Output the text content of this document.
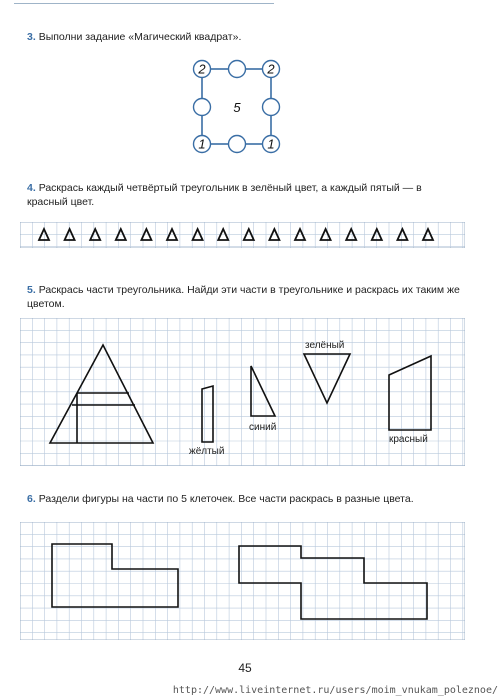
3. Выполни задание «Магический квадрат».
2	2
1	1
5
4. Раскрась каждый четвёртый треугольник в зелёный цвет, а каждый пятый — в
красный цвет.
5. Раскрась части треугольника. Найди эти части в треугольнике и раскрась их таким же
цветом.
жёлтый
синий
зелёный
красный
6. Раздели фигуры на части по 5 клеточек. Все части раскрась в разные цвета.
45
http://www.liveinternet.ru/users/moim_vnukam_poleznoe/
